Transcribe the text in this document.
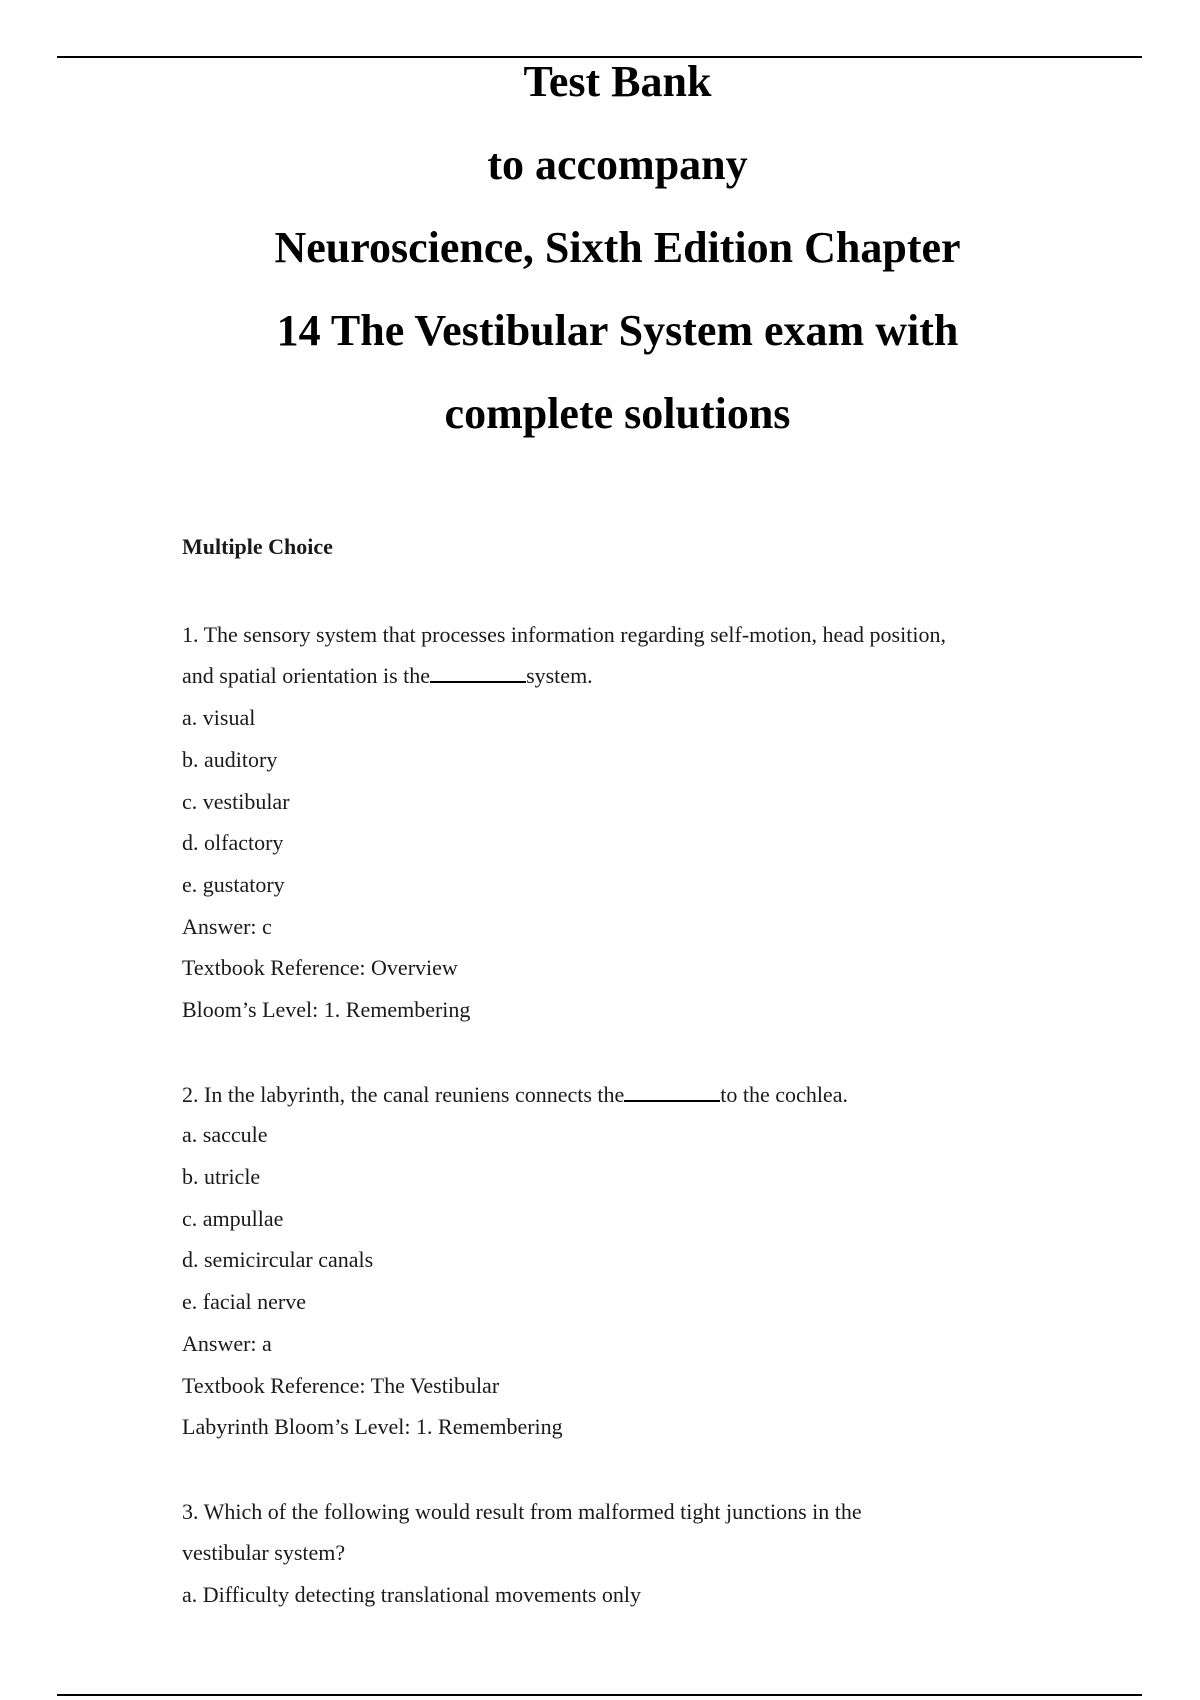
Test Bank

to accompany

Neuroscience, Sixth Edition Chapter

14 The Vestibular System exam with

complete solutions

Multiple Choice

1. The sensory system that processes information regarding self-motion, head position,
and spatial orientation is the	system.
a. visual
b. auditory
c. vestibular
d. olfactory
e. gustatory
Answer: c
Textbook Reference: Overview
Bloom’s Level: 1. Remembering
2. In the labyrinth, the canal reuniens connects the	to the cochlea.
a. saccule
b. utricle
c. ampullae
d. semicircular canals
e. facial nerve
Answer: a
Textbook Reference: The Vestibular
Labyrinth Bloom’s Level: 1. Remembering
3. Which of the following would result from malformed tight junctions in the
vestibular system?
a. Difficulty detecting translational movements only
